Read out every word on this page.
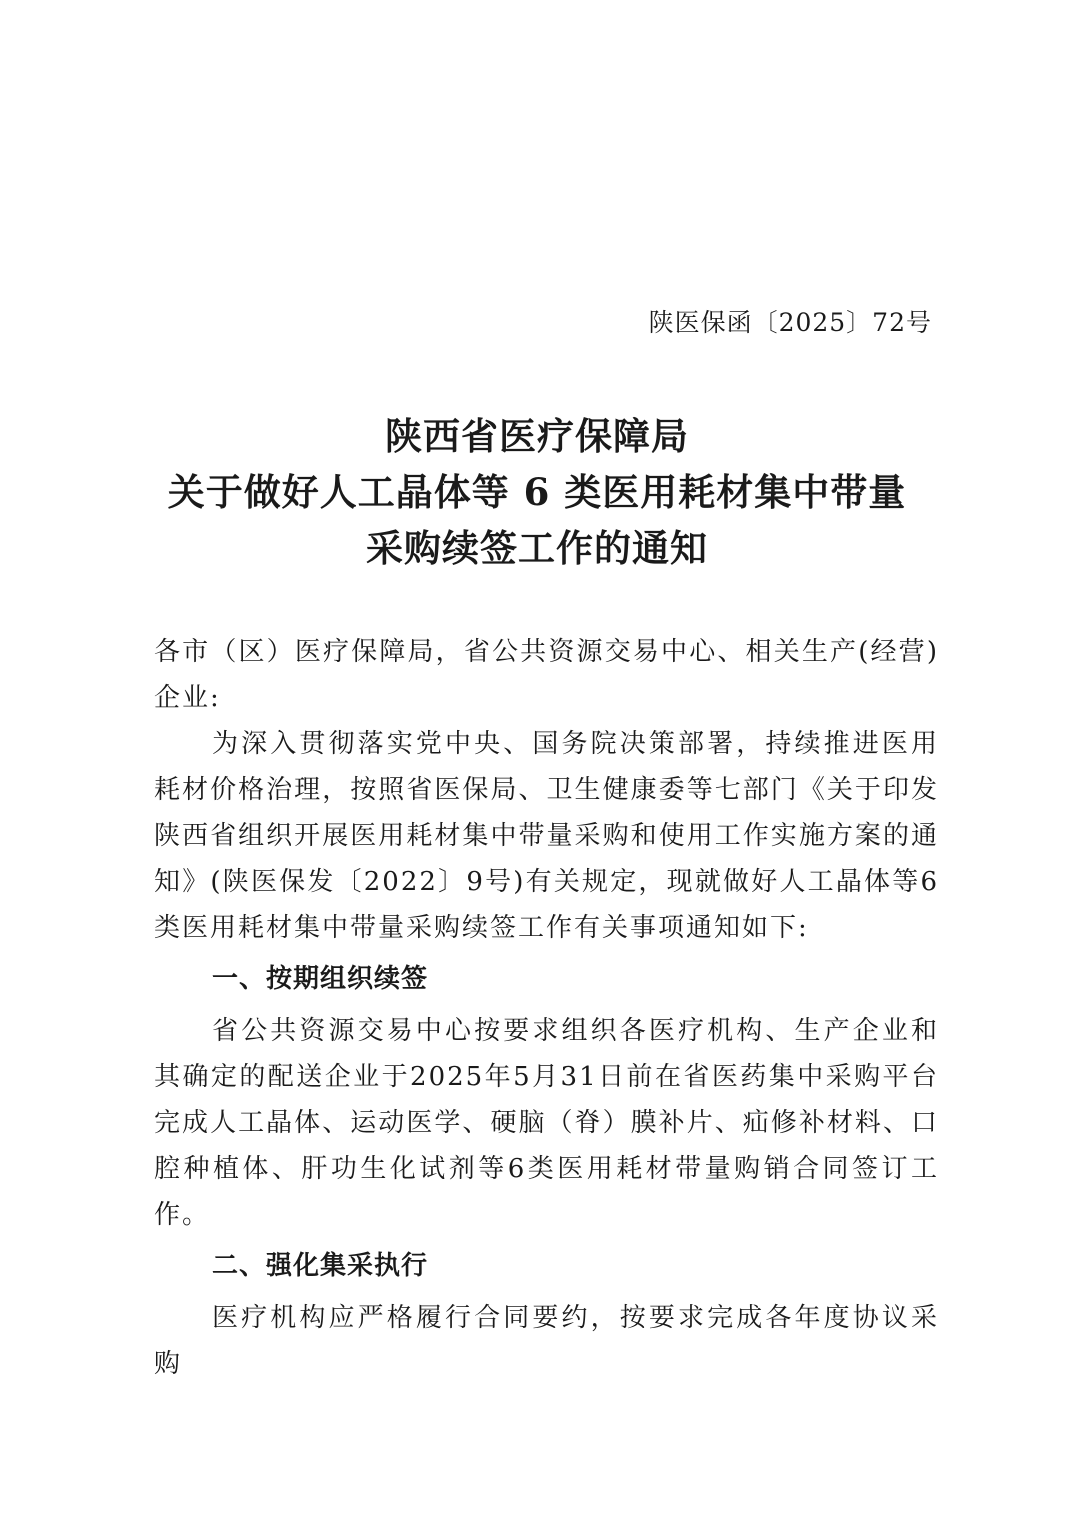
陕医保函〔2025〕72号
陕西省医疗保障局
关于做好人工晶体等 6 类医用耗材集中带量
采购续签工作的通知

各市（区）医疗保障局，省公共资源交易中心、相关生产(经营)企业:

为深入贯彻落实党中央、国务院决策部署，持续推进医用耗材价格治理，按照省医保局、卫生健康委等七部门《关于印发陕西省组织开展医用耗材集中带量采购和使用工作实施方案的通知》(陕医保发〔2022〕9号)有关规定，现就做好人工晶体等6类医用耗材集中带量采购续签工作有关事项通知如下:

一、按期组织续签

省公共资源交易中心按要求组织各医疗机构、生产企业和其确定的配送企业于2025年5月31日前在省医药集中采购平台完成人工晶体、运动医学、硬脑（脊）膜补片、疝修补材料、口腔种植体、肝功生化试剂等6类医用耗材带量购销合同签订工作。

二、强化集采执行

医疗机构应严格履行合同要约，按要求完成各年度协议采购
